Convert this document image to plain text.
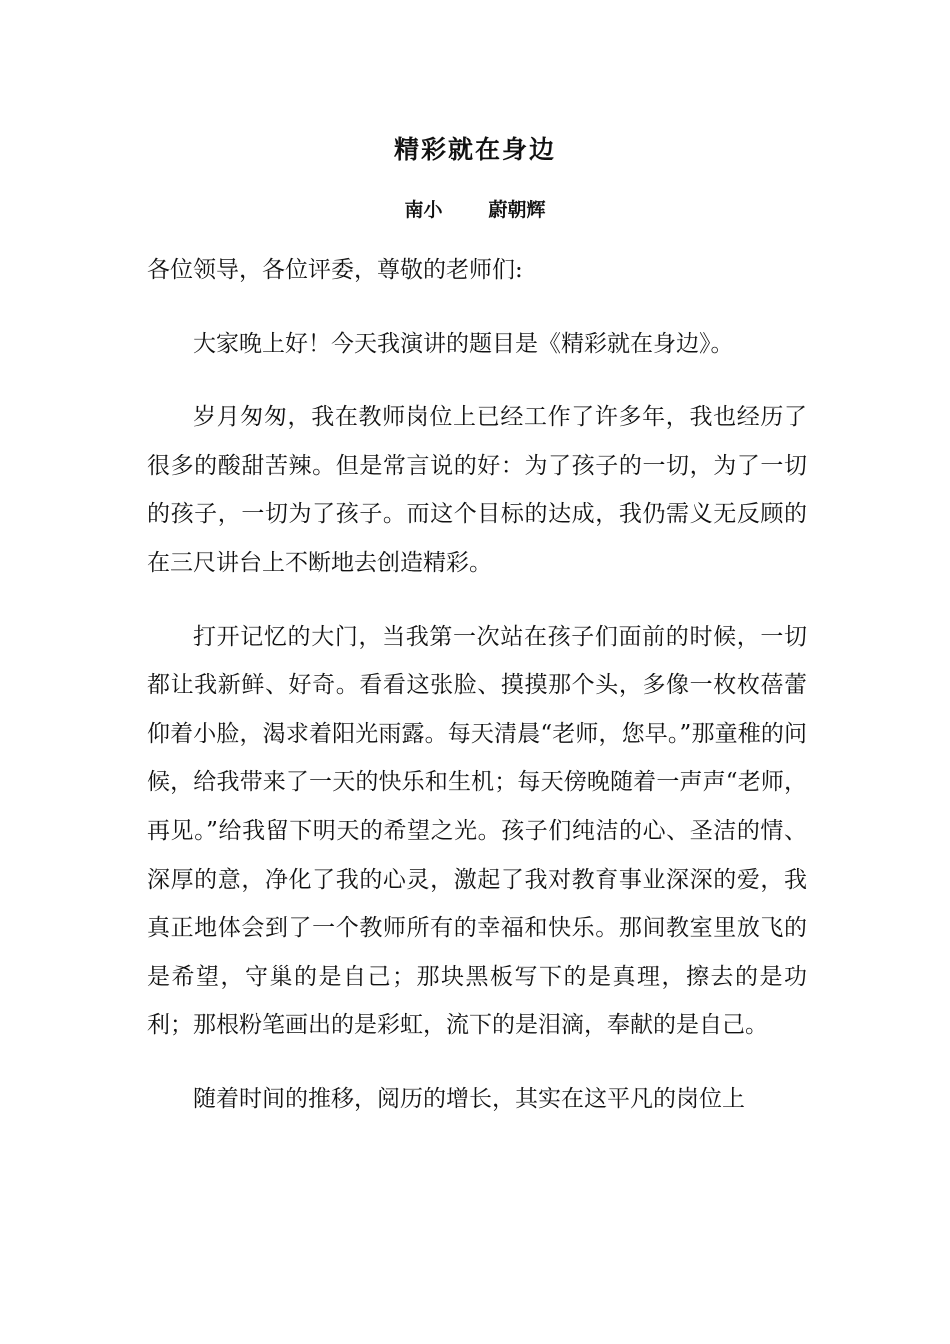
精彩就在身边
南小 蔚朝辉

各位领导，各位评委，尊敬的老师们:

大家晚上好！今天我演讲的题目是《精彩就在身边》。

岁月匆匆，我在教师岗位上已经工作了许多年，我也经历了很多的酸甜苦辣。但是常言说的好：为了孩子的一切，为了一切的孩子，一切为了孩子。而这个目标的达成，我仍需义无反顾的在三尺讲台上不断地去创造精彩。

打开记忆的大门，当我第一次站在孩子们面前的时候，一切都让我新鲜、好奇。看看这张脸、摸摸那个头，多像一枚枚蓓蕾仰着小脸，渴求着阳光雨露。每天清晨“老师，您早。”那童稚的问候，给我带来了一天的快乐和生机；每天傍晚随着一声声“老师，再见。”给我留下明天的希望之光。孩子们纯洁的心、圣洁的情、深厚的意，净化了我的心灵，激起了我对教育事业深深的爱，我真正地体会到了一个教师所有的幸福和快乐。那间教室里放飞的是希望，守巢的是自己；那块黑板写下的是真理，擦去的是功利；那根粉笔画出的是彩虹，流下的是泪滴，奉献的是自己。

随着时间的推移，阅历的增长，其实在这平凡的岗位上
